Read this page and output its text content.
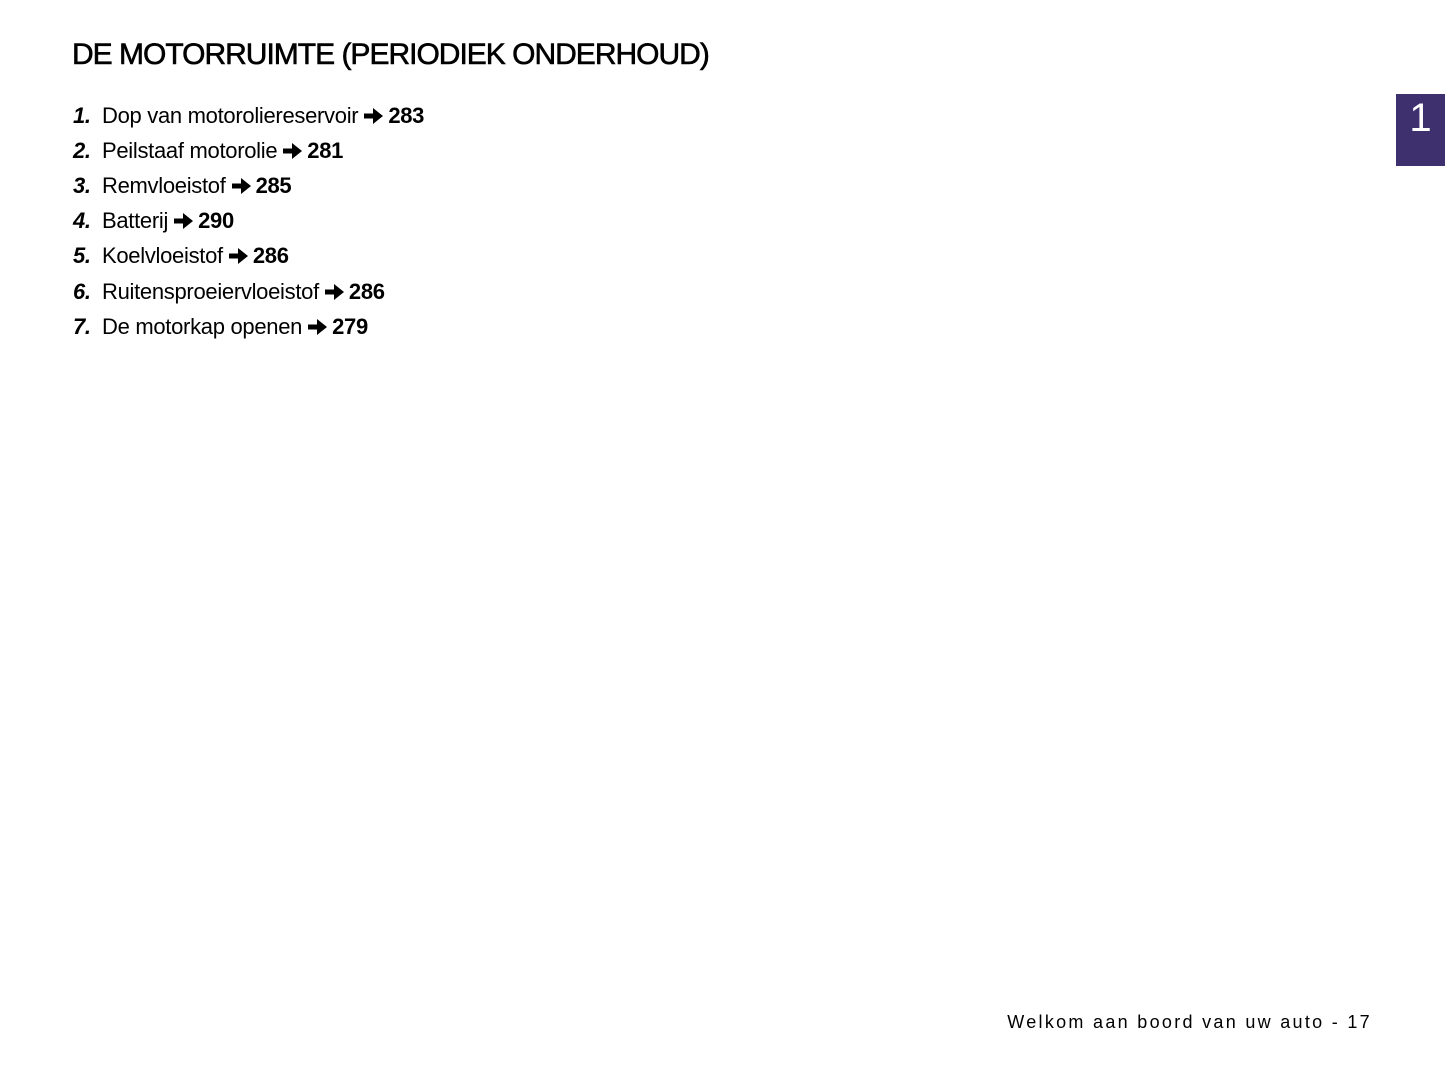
DE MOTORRUIMTE (PERIODIEK ONDERHOUD)
1. Dop van motoroliereservoir 283
2. Peilstaaf motorolie 281
3. Remvloeistof 285
4. Batterij 290
5. Koelvloeistof 286
6. Ruitensproeiervloeistof 286
7. De motorkap openen 279
1
Welkom aan boord van uw auto - 17
